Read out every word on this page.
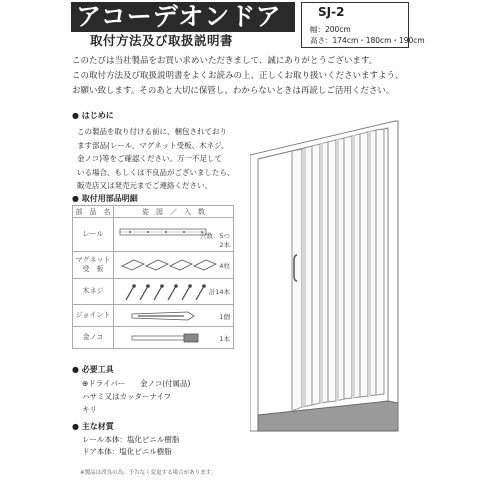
アコーデオンドア
取付方法及び取扱説明書
SJ-2
幅：200cm
高さ：174cm・180cm・190cm
このたびは当社製品をお買い求めいただきまして、誠にありがとうございます。
この取付方法及び取扱説明書をよくお読みの上、正しくお取り扱いくださいますよう、
お願い致します。そのあと大切に保管し、わからないときは再読しご活用ください。
● はじめに
この製品を取り付ける前に、梱包されており
ます部品(レール、マグネット受板、木ネジ、
金ノコ)等をご確認ください。万一不足して
いる場合、もしくは不良品がございましたら、
販売店又は発売元までご連絡ください。
● 取付用部品明細
部　品　名	姿　図　／　入　数
レール	穴数：5つ
2本

マグネット受　板	4枚

木ネジ	計14本

ジョイント	1個

金ノコ	1本
● 必要工具
⊕ドライバー	金ノコ(付属品)
ハサミ又はカッターナイフ
キリ
● 主な材質
レール本体：塩化ビニル樹脂
ドア本体：塩化ビニル樹脂
※製品は改良の為、予告なく変更する場合があります。
